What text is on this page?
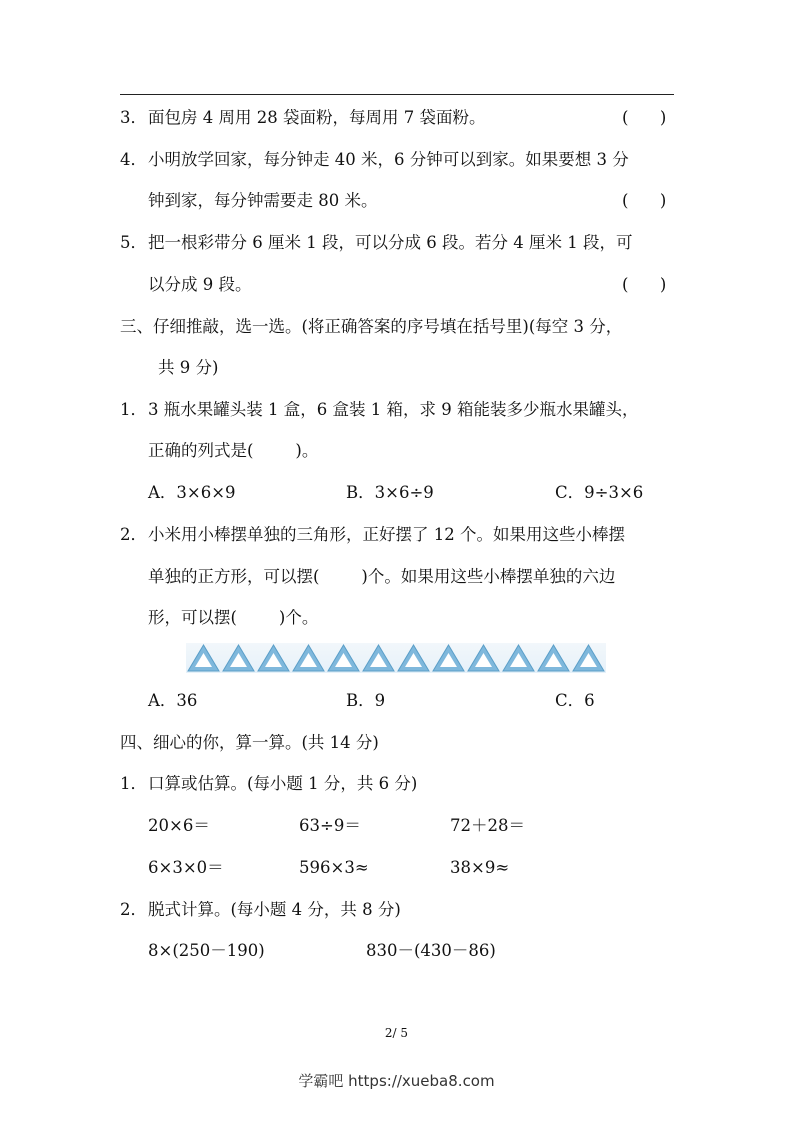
3． 面包房 4 周用 28 袋面粉，每周用 7 袋面粉。	(      )
4． 小明放学回家，每分钟走 40 米，6 分钟可以到家。如果要想 3 分
钟到家，每分钟需要走 80 米。	(      )
5． 把一根彩带分 6 厘米 1 段，可以分成 6 段。若分 4 厘米 1 段，可
以分成 9 段。	(      )
三、仔细推敲，选一选。(将正确答案的序号填在括号里)(每空 3 分，
共 9 分)
1． 3 瓶水果罐头装 1 盒，6 盒装 1 箱，求 9 箱能装多少瓶水果罐头，
正确的列式是(        )。
A．3×6×9	B．3×6÷9	C．9÷3×6
2． 小米用小棒摆单独的三角形，正好摆了 12 个。如果用这些小棒摆
单独的正方形，可以摆(        )个。如果用这些小棒摆单独的六边
形，可以摆(        )个。
A．36	B．9	C．6
四、细心的你，算一算。(共 14 分)
1． 口算或估算。(每小题 1 分，共 6 分)
20×6＝	63÷9＝	72＋28＝
6×3×0＝	596×3≈	38×9≈
2． 脱式计算。(每小题 4 分，共 8 分)
8×(250－190)	830－(430－86)
2/ 5
学霸吧 https://xueba8.com
